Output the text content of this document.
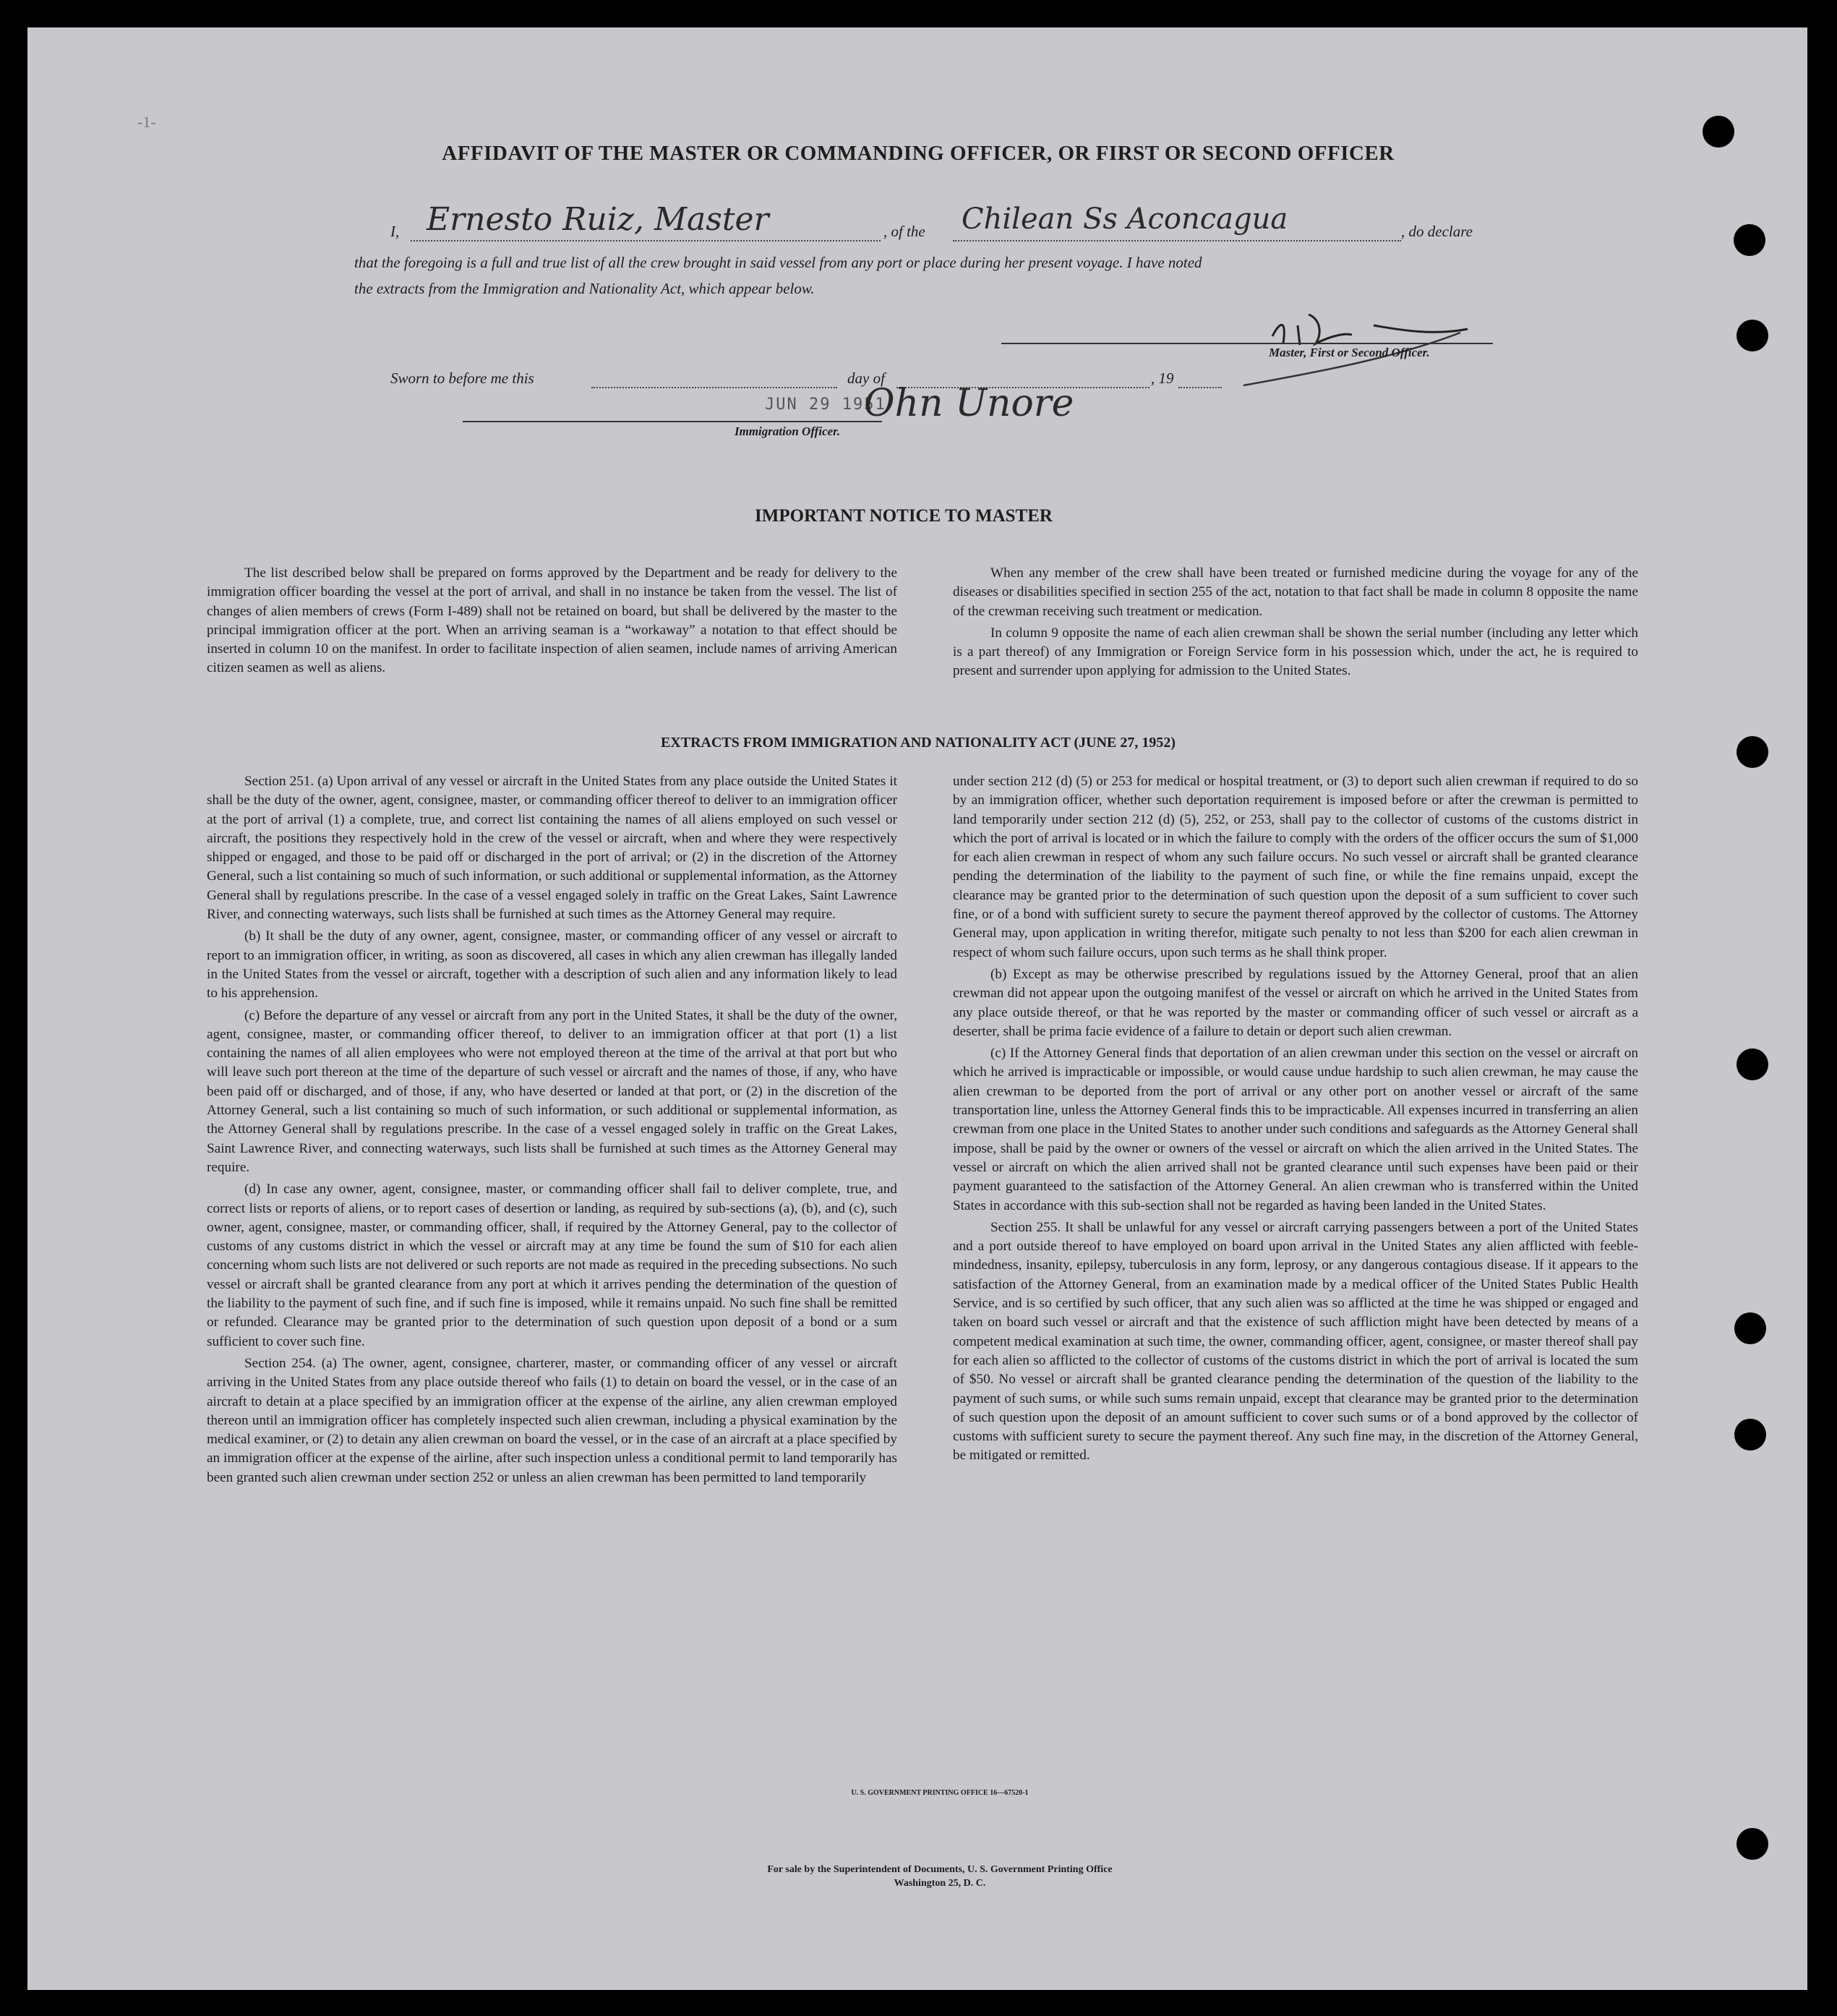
-1-
AFFIDAVIT OF THE MASTER OR COMMANDING OFFICER, OR FIRST OR SECOND OFFICER
I, Ernesto Ruiz, Master	, of the Chilean Ss Aconcagua	, do declare
that the foregoing is a full and true list of all the crew brought in said vessel from any port or place during her present voyage. I have noted
the extracts from the Immigration and Nationality Act, which appear below.
Master, First or Second Officer.
Sworn to before me this	day of	, 19
JUN 29 1951
Ohn Unore
Immigration Officer.
IMPORTANT NOTICE TO MASTER

The list described below shall be prepared on forms approved by the Department and be ready for delivery to the immigration officer boarding the vessel at the port of arrival, and shall in no instance be taken from the vessel. The list of changes of alien members of crews (Form I-489) shall not be retained on board, but shall be delivered by the master to the principal immigration officer at the port. When an arriving seaman is a “workaway” a notation to that effect should be inserted in column 10 on the manifest. In order to facilitate inspection of alien seamen, include names of arriving American citizen seamen as well as aliens.

When any member of the crew shall have been treated or furnished medicine during the voyage for any of the diseases or disabilities specified in section 255 of the act, notation to that fact shall be made in column 8 opposite the name of the crewman receiving such treatment or medication.

In column 9 opposite the name of each alien crewman shall be shown the serial number (including any letter which is a part thereof) of any Immigration or Foreign Service form in his possession which, under the act, he is required to present and surrender upon applying for admission to the United States.

EXTRACTS FROM IMMIGRATION AND NATIONALITY ACT (JUNE 27, 1952)

Section 251. (a) Upon arrival of any vessel or aircraft in the United States from any place outside the United States it shall be the duty of the owner, agent, consignee, master, or commanding officer thereof to deliver to an immigration officer at the port of arrival (1) a complete, true, and correct list containing the names of all aliens employed on such vessel or aircraft, the positions they respectively hold in the crew of the vessel or aircraft, when and where they were respectively shipped or engaged, and those to be paid off or discharged in the port of arrival; or (2) in the discretion of the Attorney General, such a list containing so much of such information, or such additional or supplemental information, as the Attorney General shall by regulations prescribe. In the case of a vessel engaged solely in traffic on the Great Lakes, Saint Lawrence River, and connecting waterways, such lists shall be furnished at such times as the Attorney General may require.

(b) It shall be the duty of any owner, agent, consignee, master, or commanding officer of any vessel or aircraft to report to an immigration officer, in writing, as soon as discovered, all cases in which any alien crewman has illegally landed in the United States from the vessel or aircraft, together with a description of such alien and any information likely to lead to his apprehension.

(c) Before the departure of any vessel or aircraft from any port in the United States, it shall be the duty of the owner, agent, consignee, master, or commanding officer thereof, to deliver to an immigration officer at that port (1) a list containing the names of all alien employees who were not employed thereon at the time of the arrival at that port but who will leave such port thereon at the time of the departure of such vessel or aircraft and the names of those, if any, who have been paid off or discharged, and of those, if any, who have deserted or landed at that port, or (2) in the discretion of the Attorney General, such a list containing so much of such information, or such additional or supplemental information, as the Attorney General shall by regulations prescribe. In the case of a vessel engaged solely in traffic on the Great Lakes, Saint Lawrence River, and connecting waterways, such lists shall be furnished at such times as the Attorney General may require.

(d) In case any owner, agent, consignee, master, or commanding officer shall fail to deliver complete, true, and correct lists or reports of aliens, or to report cases of desertion or landing, as required by sub-sections (a), (b), and (c), such owner, agent, consignee, master, or commanding officer, shall, if required by the Attorney General, pay to the collector of customs of any customs district in which the vessel or aircraft may at any time be found the sum of $10 for each alien concerning whom such lists are not delivered or such reports are not made as required in the preceding subsections. No such vessel or aircraft shall be granted clearance from any port at which it arrives pending the determination of the question of the liability to the payment of such fine, and if such fine is imposed, while it remains unpaid. No such fine shall be remitted or refunded. Clearance may be granted prior to the determination of such question upon deposit of a bond or a sum sufficient to cover such fine.

Section 254. (a) The owner, agent, consignee, charterer, master, or commanding officer of any vessel or aircraft arriving in the United States from any place outside thereof who fails (1) to detain on board the vessel, or in the case of an aircraft to detain at a place specified by an immigration officer at the expense of the airline, any alien crewman employed thereon until an immigration officer has completely inspected such alien crewman, including a physical examination by the medical examiner, or (2) to detain any alien crewman on board the vessel, or in the case of an aircraft at a place specified by an immigration officer at the expense of the airline, after such inspection unless a conditional permit to land temporarily has been granted such alien crewman under section 252 or unless an alien crewman has been permitted to land temporarily

under section 212 (d) (5) or 253 for medical or hospital treatment, or (3) to deport such alien crewman if required to do so by an immigration officer, whether such deportation requirement is imposed before or after the crewman is permitted to land temporarily under section 212 (d) (5), 252, or 253, shall pay to the collector of customs of the customs district in which the port of arrival is located or in which the failure to comply with the orders of the officer occurs the sum of $1,000 for each alien crewman in respect of whom any such failure occurs. No such vessel or aircraft shall be granted clearance pending the determination of the liability to the payment of such fine, or while the fine remains unpaid, except the clearance may be granted prior to the determination of such question upon the deposit of a sum sufficient to cover such fine, or of a bond with sufficient surety to secure the payment thereof approved by the collector of customs. The Attorney General may, upon application in writing therefor, mitigate such penalty to not less than $200 for each alien crewman in respect of whom such failure occurs, upon such terms as he shall think proper.

(b) Except as may be otherwise prescribed by regulations issued by the Attorney General, proof that an alien crewman did not appear upon the outgoing manifest of the vessel or aircraft on which he arrived in the United States from any place outside thereof, or that he was reported by the master or commanding officer of such vessel or aircraft as a deserter, shall be prima facie evidence of a failure to detain or deport such alien crewman.

(c) If the Attorney General finds that deportation of an alien crewman under this section on the vessel or aircraft on which he arrived is impracticable or impossible, or would cause undue hardship to such alien crewman, he may cause the alien crewman to be deported from the port of arrival or any other port on another vessel or aircraft of the same transportation line, unless the Attorney General finds this to be impracticable. All expenses incurred in transferring an alien crewman from one place in the United States to another under such conditions and safeguards as the Attorney General shall impose, shall be paid by the owner or owners of the vessel or aircraft on which the alien arrived in the United States. The vessel or aircraft on which the alien arrived shall not be granted clearance until such expenses have been paid or their payment guaranteed to the satisfaction of the Attorney General. An alien crewman who is transferred within the United States in accordance with this sub-section shall not be regarded as having been landed in the United States.

Section 255. It shall be unlawful for any vessel or aircraft carrying passengers between a port of the United States and a port outside thereof to have employed on board upon arrival in the United States any alien afflicted with feeble-mindedness, insanity, epilepsy, tuberculosis in any form, leprosy, or any dangerous contagious disease. If it appears to the satisfaction of the Attorney General, from an examination made by a medical officer of the United States Public Health Service, and is so certified by such officer, that any such alien was so afflicted at the time he was shipped or engaged and taken on board such vessel or aircraft and that the existence of such affliction might have been detected by means of a competent medical examination at such time, the owner, commanding officer, agent, consignee, or master thereof shall pay for each alien so afflicted to the collector of customs of the customs district in which the port of arrival is located the sum of $50. No vessel or aircraft shall be granted clearance pending the determination of the question of the liability to the payment of such sums, or while such sums remain unpaid, except that clearance may be granted prior to the determination of such question upon the deposit of an amount sufficient to cover such sums or of a bond approved by the collector of customs with sufficient surety to secure the payment thereof. Any such fine may, in the discretion of the Attorney General, be mitigated or remitted.

U. S. GOVERNMENT PRINTING OFFICE 16—67520-1
For sale by the Superintendent of Documents, U. S. Government Printing Office
Washington 25, D. C.
